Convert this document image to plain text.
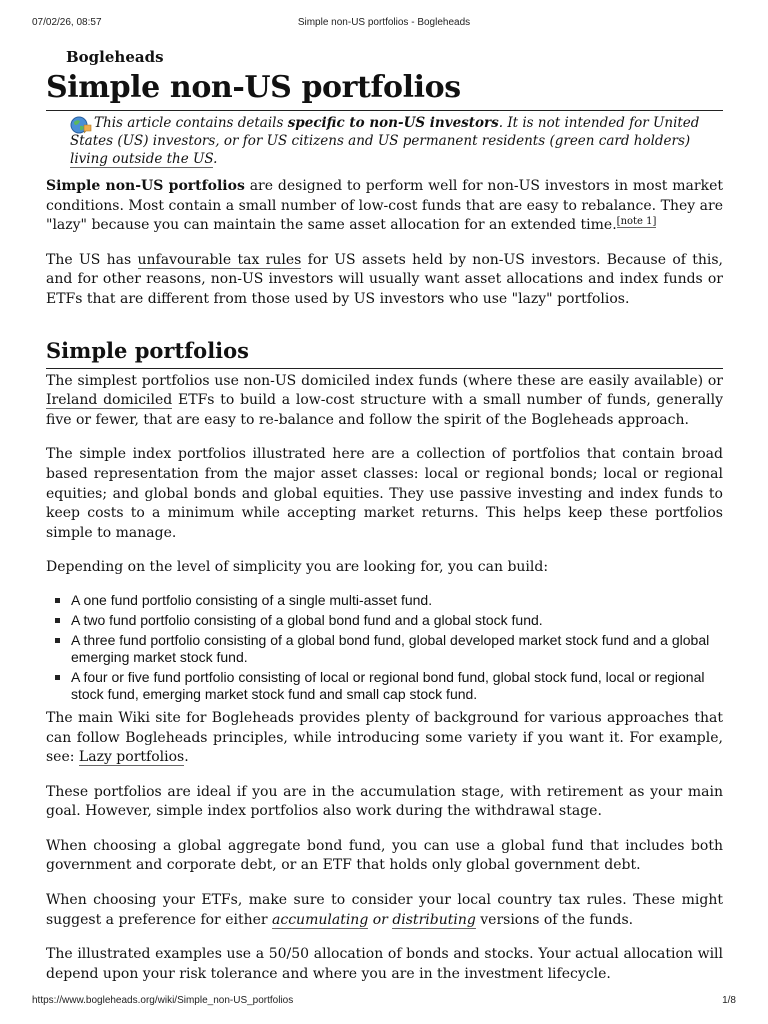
07/02/26, 08:57	Simple non-US portfolios - Bogleheads
Bogleheads
Simple non-US portfolios
This article contains details specific to non-US investors. It is not intended for United States (US) investors, or for US citizens and US permanent residents (green card holders) living outside the US.

Simple non-US portfolios are designed to perform well for non-US investors in most market conditions. Most contain a small number of low-cost funds that are easy to rebalance. They are "lazy" because you can maintain the same asset allocation for an extended time.[note 1]

The US has unfavourable tax rules for US assets held by non-US investors. Because of this, and for other reasons, non-US investors will usually want asset allocations and index funds or ETFs that are different from those used by US investors who use "lazy" portfolios.

Simple portfolios

The simplest portfolios use non-US domiciled index funds (where these are easily available) or Ireland domiciled ETFs to build a low-cost structure with a small number of funds, generally five or fewer, that are easy to re-balance and follow the spirit of the Bogleheads approach.

The simple index portfolios illustrated here are a collection of portfolios that contain broad based representation from the major asset classes: local or regional bonds; local or regional equities; and global bonds and global equities. They use passive investing and index funds to keep costs to a minimum while accepting market returns. This helps keep these portfolios simple to manage.

Depending on the level of simplicity you are looking for, you can build:

A one fund portfolio consisting of a single multi-asset fund.
A two fund portfolio consisting of a global bond fund and a global stock fund.
A three fund portfolio consisting of a global bond fund, global developed market stock fund and a global emerging market stock fund.
A four or five fund portfolio consisting of local or regional bond fund, global stock fund, local or regional stock fund, emerging market stock fund and small cap stock fund.

The main Wiki site for Bogleheads provides plenty of background for various approaches that can follow Bogleheads principles, while introducing some variety if you want it. For example, see: Lazy portfolios.

These portfolios are ideal if you are in the accumulation stage, with retirement as your main goal. However, simple index portfolios also work during the withdrawal stage.

When choosing a global aggregate bond fund, you can use a global fund that includes both government and corporate debt, or an ETF that holds only global government debt.

When choosing your ETFs, make sure to consider your local country tax rules. These might suggest a preference for either accumulating or distributing versions of the funds.

The illustrated examples use a 50/50 allocation of bonds and stocks. Your actual allocation will depend upon your risk tolerance and where you are in the investment lifecycle.

https://www.bogleheads.org/wiki/Simple_non-US_portfolios	1/8
